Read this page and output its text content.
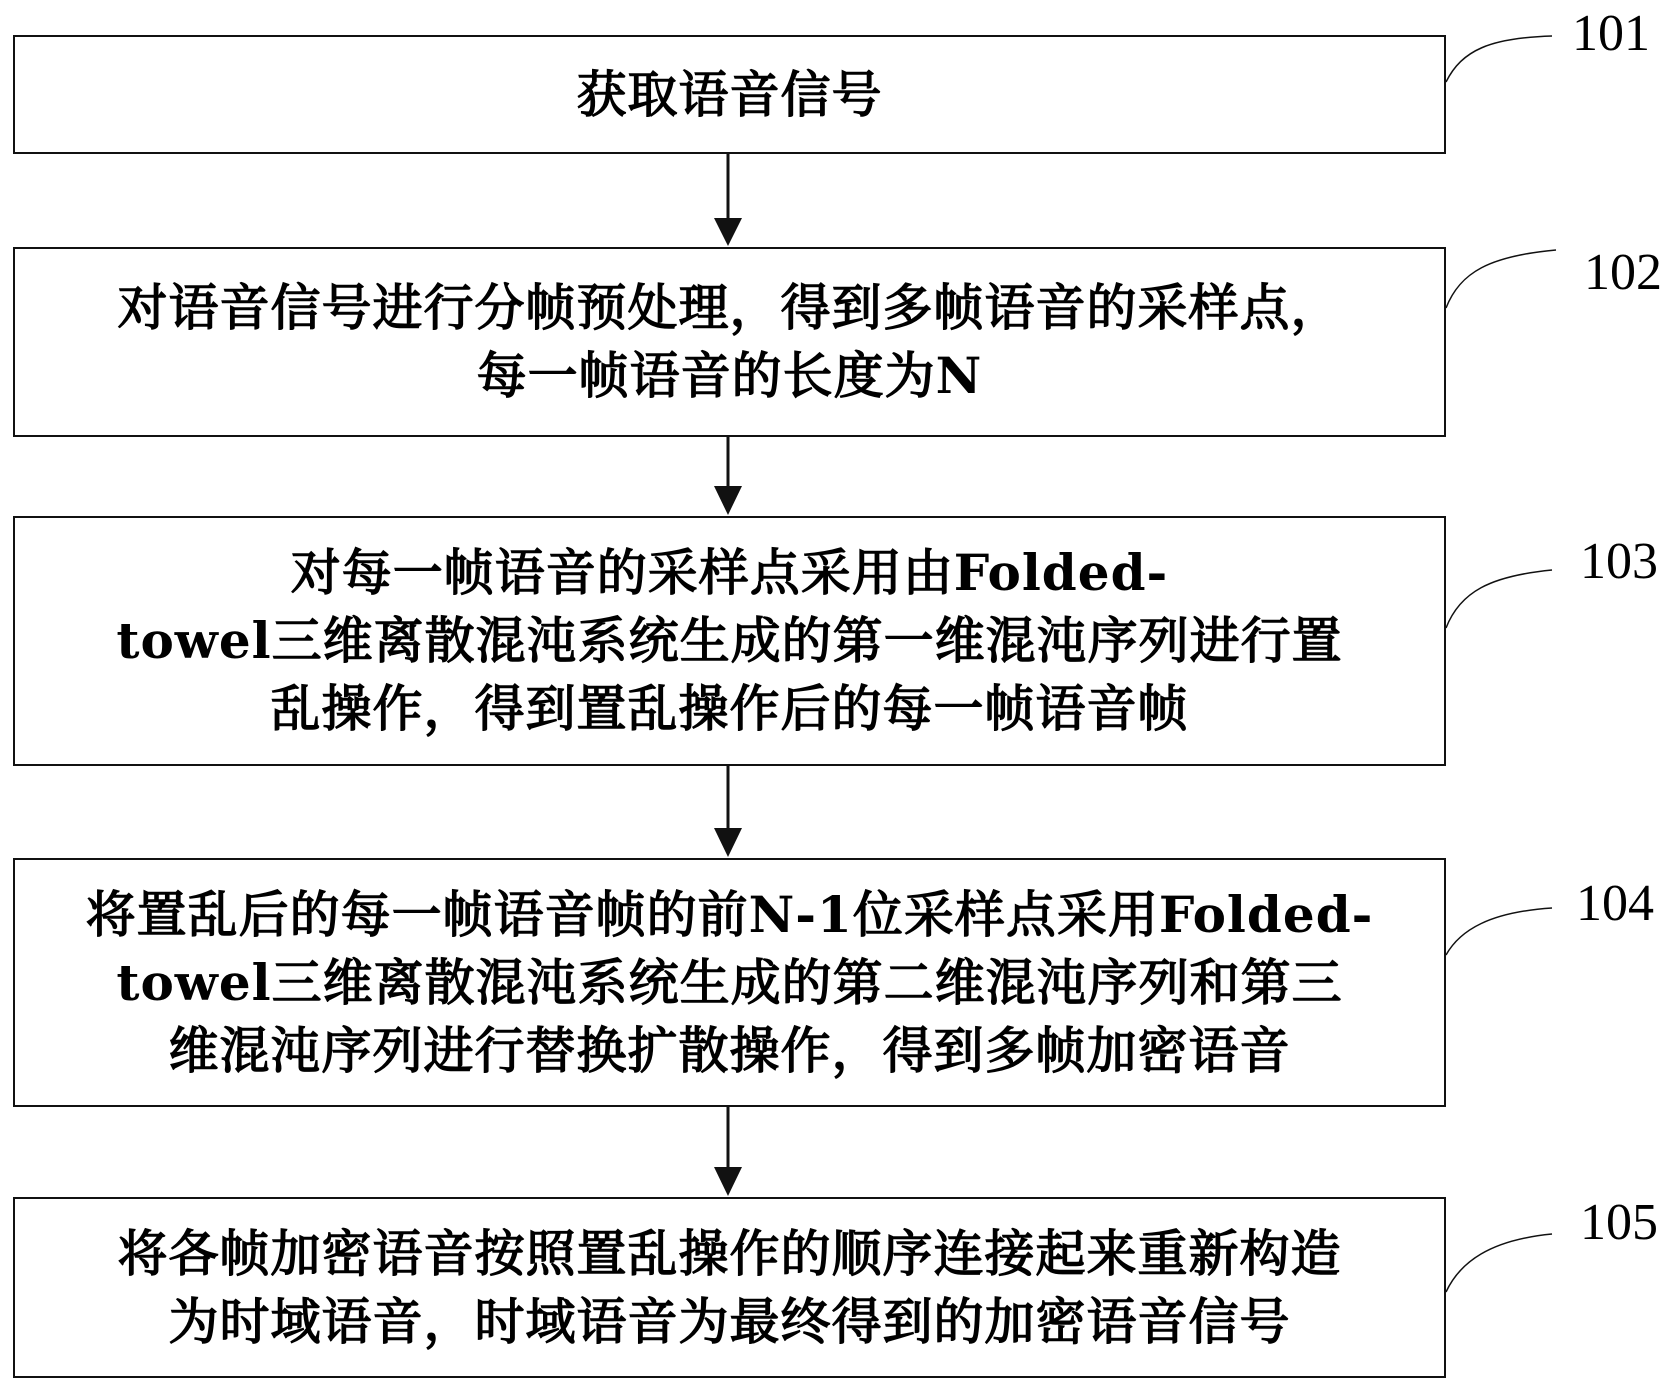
获取语音信号
对语音信号进行分帧预处理，得到多帧语音的采样点，
每一帧语音的长度为N
对每一帧语音的采样点采用由Folded-
towel三维离散混沌系统生成的第一维混沌序列进行置
乱操作，得到置乱操作后的每一帧语音帧
将置乱后的每一帧语音帧的前N-1位采样点采用Folded-
towel三维离散混沌系统生成的第二维混沌序列和第三
维混沌序列进行替换扩散操作，得到多帧加密语音
将各帧加密语音按照置乱操作的顺序连接起来重新构造
为时域语音，时域语音为最终得到的加密语音信号
101
102
103
104
105
